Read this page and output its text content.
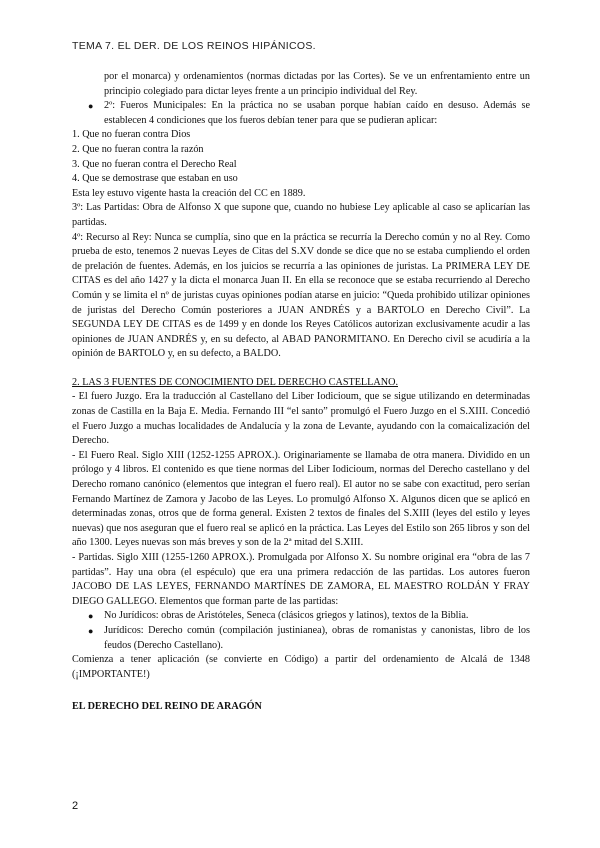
TEMA 7. EL DER. DE LOS REINOS HIPÁNICOS.

por el monarca) y ordenamientos (normas dictadas por las Cortes). Se ve un enfrentamiento entre un principio colegiado para dictar leyes frente a un principio individual del Rey.

● 2º: Fueros Municipales: En la práctica no se usaban porque habían caído en desuso. Además se establecen 4 condiciones que los fueros debían tener para que se pudieran aplicar:

1. Que no fueran contra Dios

2. Que no fueran contra la razón

3. Que no fueran contra el Derecho Real

4. Que se demostrase que estaban en uso

Esta ley estuvo vigente hasta la creación del CC en 1889.

3º: Las Partidas: Obra de Alfonso X que supone que, cuando no hubiese Ley aplicable al caso se aplicarían las partidas.

4º: Recurso al Rey: Nunca se cumplía, sino que en la práctica se recurría la Derecho común y no al Rey. Como prueba de esto, tenemos 2 nuevas Leyes de Citas del S.XV donde se dice que no se estaba cumpliendo el orden de prelación de fuentes. Además, en los juicios se recurría a las opiniones de juristas. La PRIMERA LEY DE CITAS es del año 1427 y la dicta el monarca Juan II. En ella se reconoce que se estaba recurriendo al Derecho Común y se limita el nº de juristas cuyas opiniones podían atarse en juicio: “Queda prohibido utilizar opiniones de juristas del Derecho Común posteriores a JUAN ANDRÉS y a BARTOLO en Derecho Civil”. La SEGUNDA LEY DE CITAS es de 1499 y en donde los Reyes Católicos autorizan exclusivamente acudir a las opiniones de JUAN ANDRÉS y, en su defecto, al ABAD PANORMITANO. En Derecho civil se acudiría a la opinión de BARTOLO y, en su defecto, a BALDO.

2. LAS 3 FUENTES DE CONOCIMIENTO DEL DERECHO CASTELLANO.

- El fuero Juzgo. Era la traducción al Castellano del Liber Iodicioum, que se sigue utilizando en determinadas zonas de Castilla en la Baja E. Media. Fernando III “el santo” promulgó el Fuero Juzgo en el S.XIII. Concedió el Fuero Juzgo a muchas localidades de Andalucía y la zona de Levante, ayudando con la comaicalización del Derecho.

- El Fuero Real. Siglo XIII (1252-1255 APROX.). Originariamente se llamaba de otra manera. Dividido en un prólogo y 4 libros. El contenido es que tiene normas del Liber Iodicioum, normas del Derecho castellano y del Derecho romano canónico (elementos que integran el fuero real). El autor no se sabe con exactitud, pero serían Fernando Martínez de Zamora y Jacobo de las Leyes. Lo promulgó Alfonso X. Algunos dicen que se aplicó en determinadas zonas, otros que de forma general. Existen 2 textos de finales del S.XIII (leyes del estilo y leyes nuevas) que nos aseguran que el fuero real se aplicó en la práctica. Las Leyes del Estilo son 265 libros y son del año 1300. Leyes nuevas son más breves y son de la 2ª mitad del S.XIII.

- Partidas. Siglo XIII (1255-1260 APROX.). Promulgada por Alfonso X. Su nombre original era “obra de las 7 partidas”. Hay una obra (el espéculo) que era una primera redacción de las partidas. Los autores fueron JACOBO DE LAS LEYES, FERNANDO MARTÍNES DE ZAMORA, EL MAESTRO ROLDÁN Y FRAY DIEGO GALLEGO. Elementos que forman parte de las partidas:

● No Jurídicos: obras de Aristóteles, Seneca (clásicos griegos y latinos), textos de la Biblia.

● Jurídicos: Derecho común (compilación justinianea), obras de romanistas y canonistas, libro de los feudos (Derecho Castellano).

Comienza a tener aplicación (se convierte en Código) a partir del ordenamiento de Alcalá de 1348 (¡IMPORTANTE!)

EL DERECHO DEL REINO DE ARAGÓN

2
